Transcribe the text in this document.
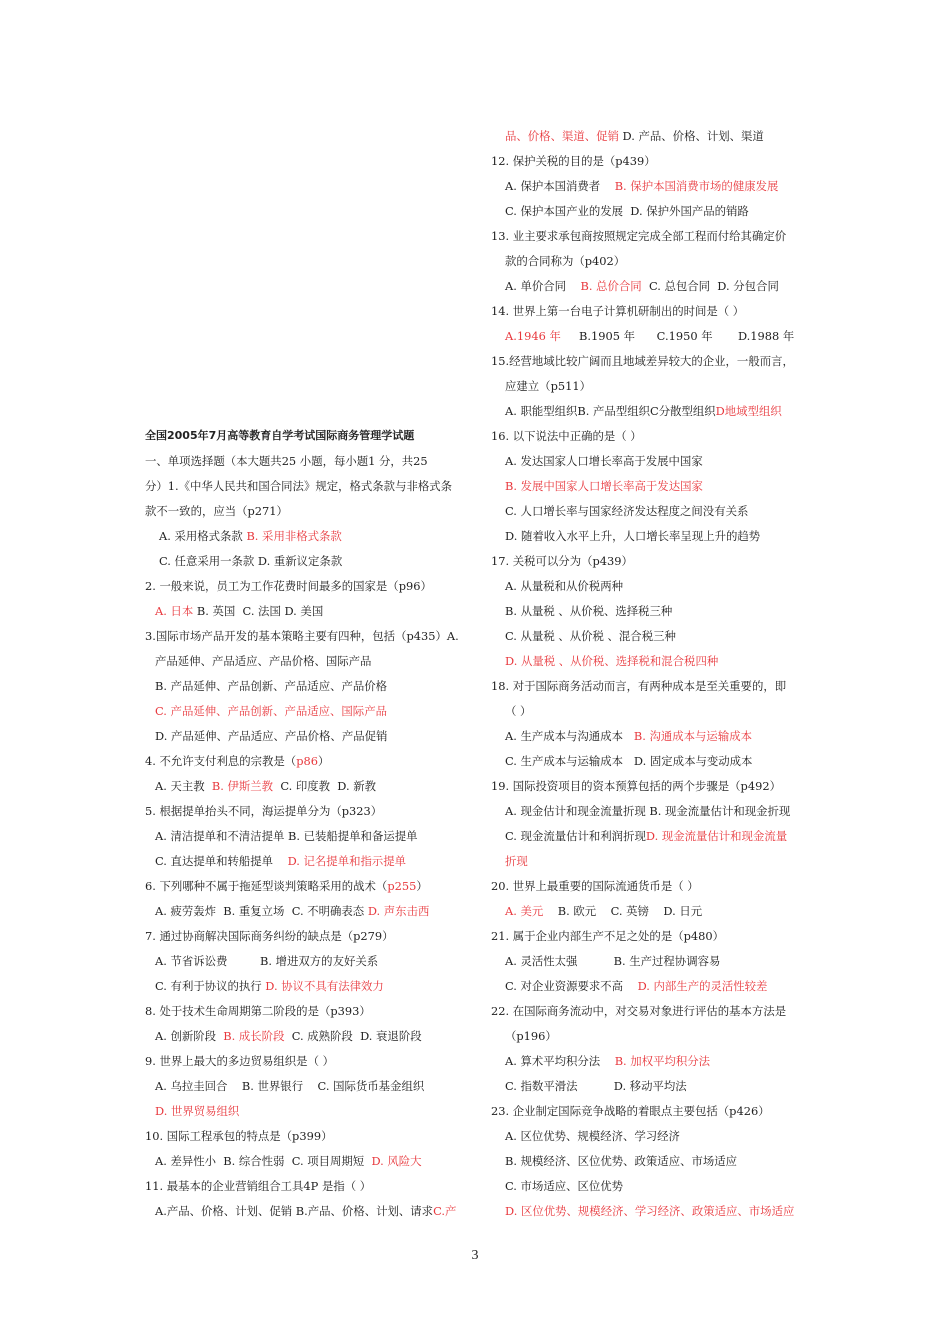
全国2005年7月高等教育自学考试国际商务管理学试题
一、单项选择题（本大题共25 小题，每小题1 分，共25
分）1.《中华人民共和国合同法》规定，格式条款与非格式条
款不一致的，应当（p271）
A. 采用格式条款 B. 采用非格式条款
C. 任意采用一条款 D. 重新议定条款
2. 一般来说，员工为工作花费时间最多的国家是（p96）
A. 日本 B. 英国  C. 法国 D. 美国
3.国际市场产品开发的基本策略主要有四种，包括（p435）A.
产品延伸、产品适应、产品价格、国际产品
B. 产品延伸、产品创新、产品适应、产品价格
C. 产品延伸、产品创新、产品适应、国际产品
D. 产品延伸、产品适应、产品价格、产品促销
4. 不允许支付利息的宗教是（p86）
A. 天主教  B. 伊斯兰教  C. 印度教  D. 新教
5. 根据提单抬头不同，海运提单分为（p323）
A. 清洁提单和不清洁提单 B. 已装船提单和备运提单
C. 直达提单和转船提单    D. 记名提单和指示提单
6. 下列哪种不属于拖延型谈判策略采用的战术（p255）
A. 疲劳轰炸  B. 重复立场  C. 不明确表态 D. 声东击西
7. 通过协商解决国际商务纠纷的缺点是（p279）
A. 节省诉讼费         B. 增进双方的友好关系
C. 有利于协议的执行 D. 协议不具有法律效力
8. 处于技术生命周期第二阶段的是（p393）
A. 创新阶段  B. 成长阶段  C. 成熟阶段  D. 衰退阶段
9. 世界上最大的多边贸易组织是（ ）
A. 乌拉圭回合    B. 世界银行    C. 国际货币基金组织
D. 世界贸易组织
10. 国际工程承包的特点是（p399）
A. 差异性小  B. 综合性弱  C. 项目周期短  D. 风险大
11. 最基本的企业营销组合工具4P 是指（ ）
A.产品、价格、计划、促销 B.产品、价格、计划、请求C.产
品、价格、渠道、促销 D. 产品、价格、计划、渠道
12. 保护关税的目的是（p439）
A. 保护本国消费者    B. 保护本国消费市场的健康发展
C. 保护本国产业的发展  D. 保护外国产品的销路
13. 业主要求承包商按照规定完成全部工程而付给其确定价
款的合同称为（p402）
A. 单价合同    B. 总价合同  C. 总包合同  D. 分包合同
14. 世界上第一台电子计算机研制出的时间是（ ）
A.1946 年     B.1905 年      C.1950 年       D.1988 年
15.经营地域比较广阔而且地域差异较大的企业，一般而言，
应建立（p511）
A. 职能型组织B. 产品型组织C分散型组织D地域型组织
16. 以下说法中正确的是（ ）
A. 发达国家人口增长率高于发展中国家
B. 发展中国家人口增长率高于发达国家
C. 人口增长率与国家经济发达程度之间没有关系
D. 随着收入水平上升，人口增长率呈现上升的趋势
17. 关税可以分为（p439）
A. 从量税和从价税两种
B. 从量税 、从价税、选择税三种
C. 从量税 、从价税 、混合税三种
D. 从量税 、从价税、选择税和混合税四种
18. 对于国际商务活动而言，有两种成本是至关重要的，即
（ ）
A. 生产成本与沟通成本   B. 沟通成本与运输成本
C. 生产成本与运输成本   D. 固定成本与变动成本
19. 国际投资项目的资本预算包括的两个步骤是（p492）
A. 现金估计和现金流量折现 B. 现金流量估计和现金折现
C. 现金流量估计和利润折现D. 现金流量估计和现金流量
折现
20. 世界上最重要的国际流通货币是（ ）
A. 美元    B. 欧元    C. 英镑    D. 日元
21. 属于企业内部生产不足之处的是（p480）
A. 灵活性太强          B. 生产过程协调容易
C. 对企业资源要求不高    D. 内部生产的灵活性较差
22. 在国际商务流动中，对交易对象进行评估的基本方法是
（p196）
A. 算术平均积分法    B. 加权平均积分法
C. 指数平滑法          D. 移动平均法
23. 企业制定国际竞争战略的着眼点主要包括（p426）
A. 区位优势、规模经济、学习经济
B. 规模经济、区位优势、政策适应、市场适应
C. 市场适应、区位优势
D. 区位优势、规模经济、学习经济、政策适应、市场适应
3
